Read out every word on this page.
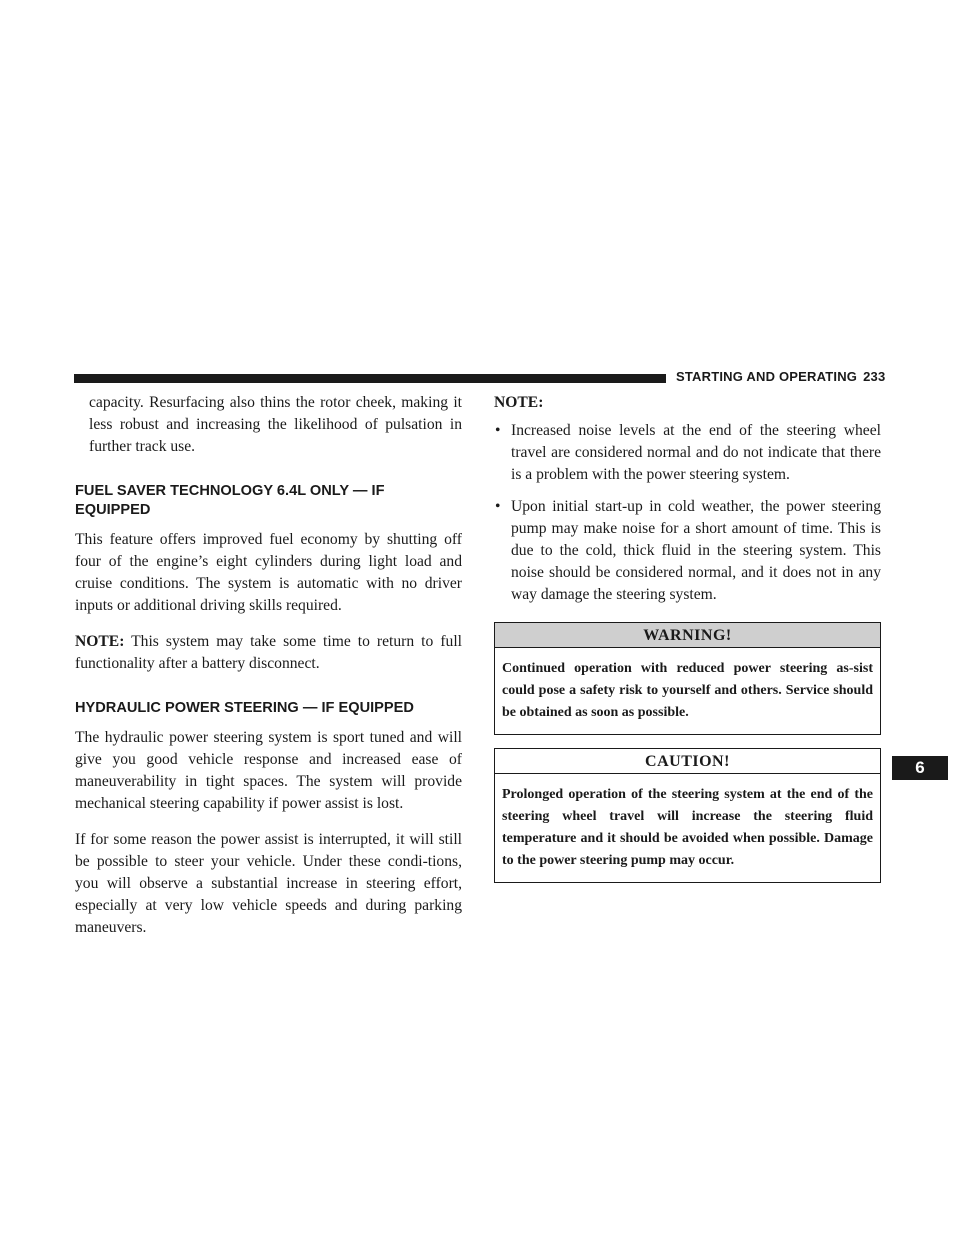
STARTING AND OPERATING 233
6

capacity. Resurfacing also thins the rotor cheek, making it less robust and increasing the likelihood of pulsation in further track use.

FUEL SAVER TECHNOLOGY 6.4L ONLY — IF EQUIPPED

This feature offers improved fuel economy by shutting off four of the engine’s eight cylinders during light load and cruise conditions. The system is automatic with no driver inputs or additional driving skills required.

NOTE: This system may take some time to return to full functionality after a battery disconnect.

HYDRAULIC POWER STEERING — IF EQUIPPED

The hydraulic power steering system is sport tuned and will give you good vehicle response and increased ease of maneuverability in tight spaces. The system will provide mechanical steering capability if power assist is lost.

If for some reason the power assist is interrupted, it will still be possible to steer your vehicle. Under these condi-tions, you will observe a substantial increase in steering effort, especially at very low vehicle speeds and during parking maneuvers.

NOTE:
• Increased noise levels at the end of the steering wheel travel are considered normal and do not indicate that there is a problem with the power steering system.
• Upon initial start-up in cold weather, the power steering pump may make noise for a short amount of time. This is due to the cold, thick fluid in the steering system. This noise should be considered normal, and it does not in any way damage the steering system.
WARNING!
Continued operation with reduced power steering as-sist could pose a safety risk to yourself and others. Service should be obtained as soon as possible.
CAUTION!
Prolonged operation of the steering system at the end of the steering wheel travel will increase the steering fluid temperature and it should be avoided when possible. Damage to the power steering pump may occur.
